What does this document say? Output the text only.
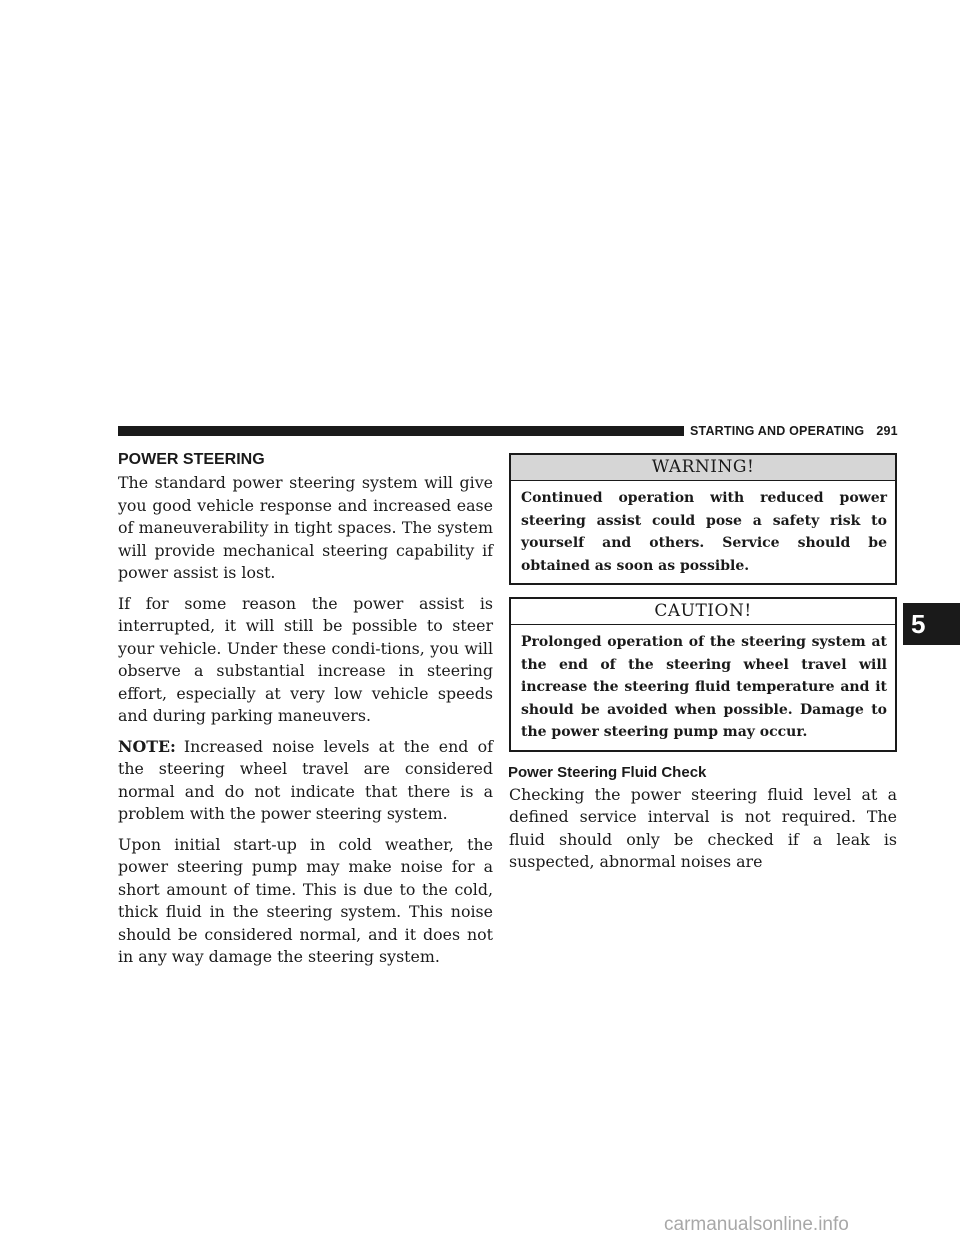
STARTING AND OPERATING 291
POWER STEERING

The standard power steering system will give you good vehicle response and increased ease of maneuverability in tight spaces. The system will provide mechanical steering capability if power assist is lost.

If for some reason the power assist is interrupted, it will still be possible to steer your vehicle. Under these condi-tions, you will observe a substantial increase in steering effort, especially at very low vehicle speeds and during parking maneuvers.

NOTE: Increased noise levels at the end of the steering wheel travel are considered normal and do not indicate that there is a problem with the power steering system.

Upon initial start-up in cold weather, the power steering pump may make noise for a short amount of time. This is due to the cold, thick fluid in the steering system. This noise should be considered normal, and it does not in any way damage the steering system.

WARNING!
Continued operation with reduced power steering assist could pose a safety risk to yourself and others. Service should be obtained as soon as possible.
CAUTION!
Prolonged operation of the steering system at the end of the steering wheel travel will increase the steering fluid temperature and it should be avoided when possible. Damage to the power steering pump may occur.
Power Steering Fluid Check

Checking the power steering fluid level at a defined service interval is not required. The fluid should only be checked if a leak is suspected, abnormal noises are

5
carmanualsonline.info
